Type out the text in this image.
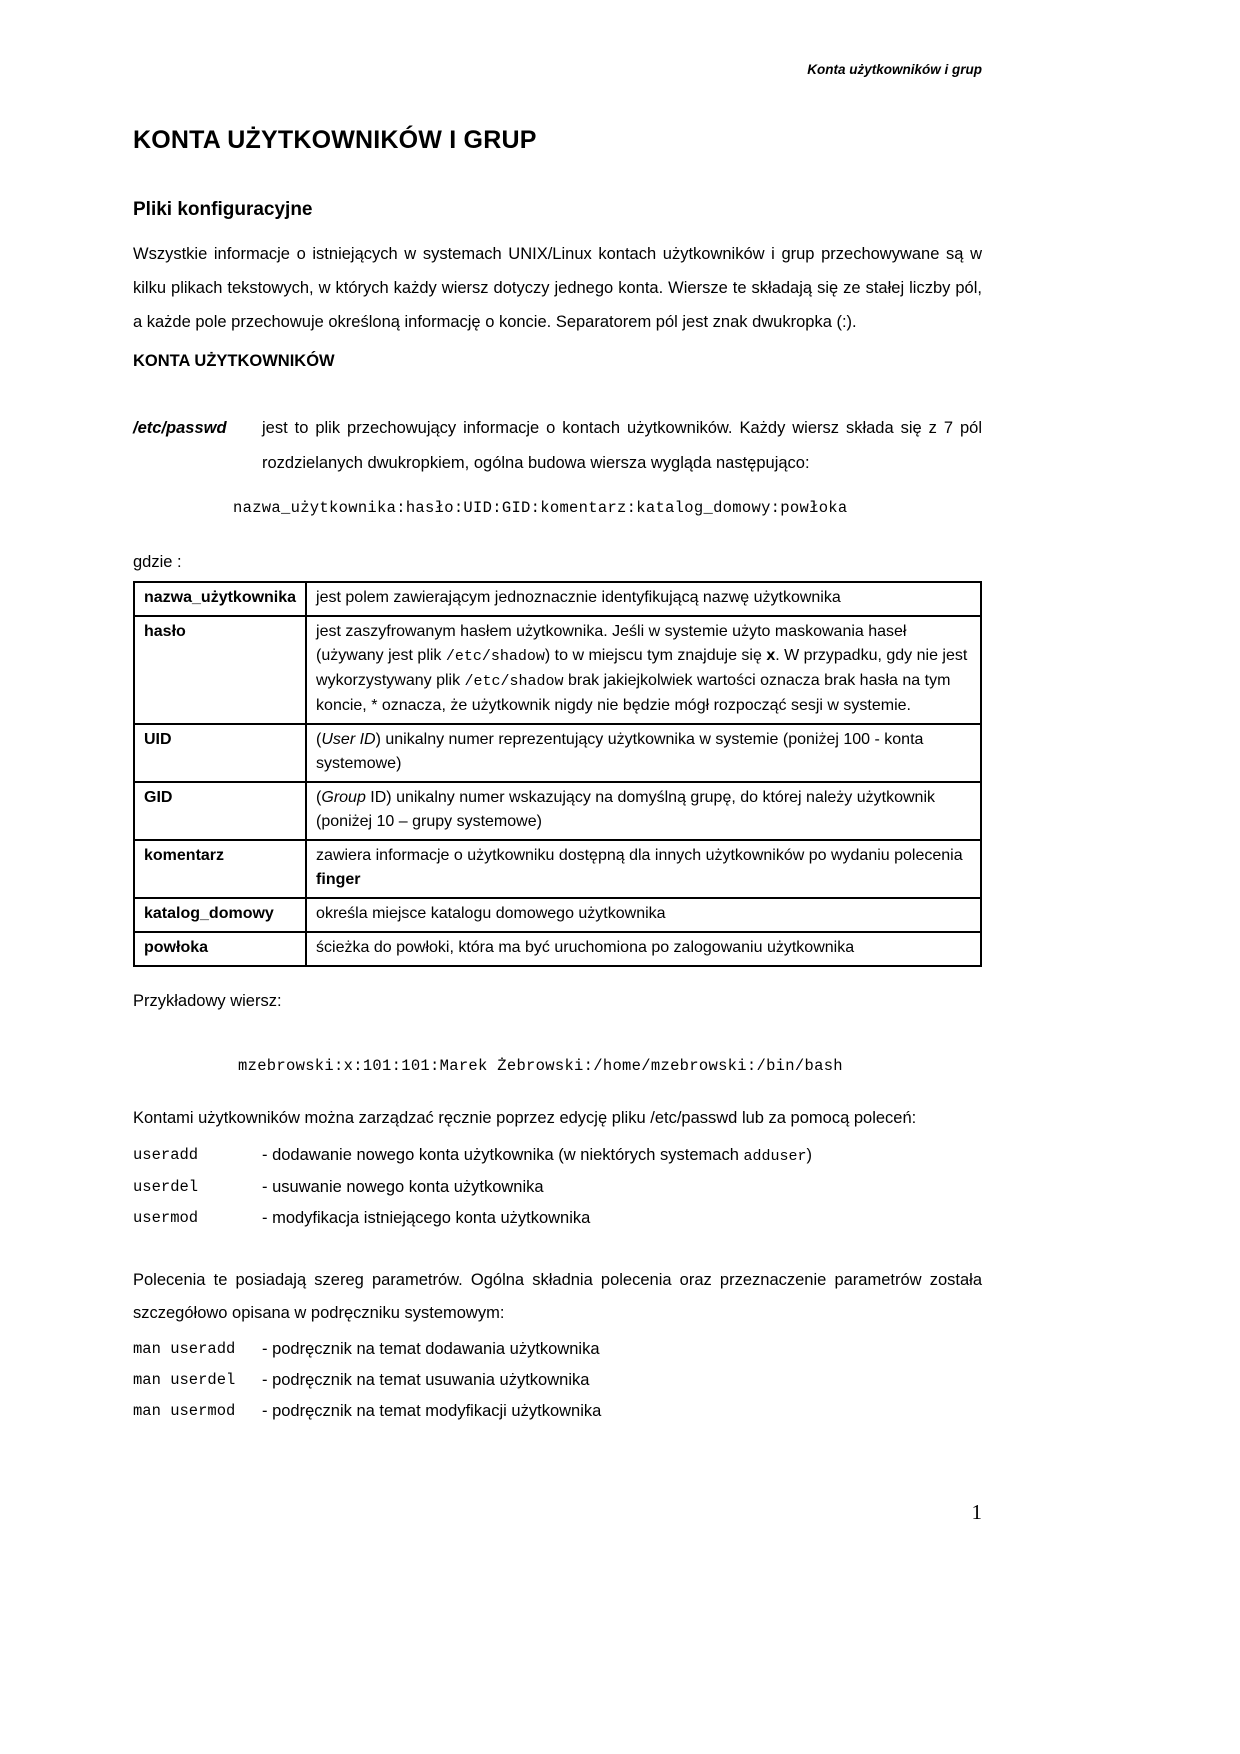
Konta użytkowników i grup
KONTA UŻYTKOWNIKÓW I GRUP
Pliki konfiguracyjne

Wszystkie informacje o istniejących w systemach UNIX/Linux kontach użytkowników i grup przechowywane są w kilku plikach tekstowych, w których każdy wiersz dotyczy jednego konta. Wiersze te składają się ze stałej liczby pól, a każde pole przechowuje określoną informację o koncie. Separatorem pól jest znak dwukropka (:).

KONTA UŻYTKOWNIKÓW
/etc/passwd	jest to plik przechowujący informacje o kontach użytkowników. Każdy wiersz składa się z 7 pól rozdzielanych dwukropkiem, ogólna budowa wiersza wygląda następująco:
nazwa_użytkownika:hasło:UID:GID:komentarz:katalog_domowy:powłoka

gdzie :

nazwa_użytkownika	jest polem zawierającym jednoznacznie identyfikującą nazwę użytkownika
hasło	jest zaszyfrowanym hasłem użytkownika. Jeśli w systemie użyto maskowania haseł (używany jest plik /etc/shadow) to w miejscu tym znajduje się x. W przypadku, gdy nie jest wykorzystywany plik /etc/shadow brak jakiejkolwiek wartości oznacza brak hasła na tym koncie, * oznacza, że użytkownik nigdy nie będzie mógł rozpocząć sesji w systemie.
UID	(User ID) unikalny numer reprezentujący użytkownika w systemie (poniżej 100 - konta systemowe)
GID	(Group ID) unikalny numer wskazujący na domyślną grupę, do której należy użytkownik (poniżej 10 – grupy systemowe)
komentarz	zawiera informacje o użytkowniku dostępną dla innych użytkowników po wydaniu polecenia finger
katalog_domowy	określa miejsce katalogu domowego użytkownika
powłoka	ścieżka do powłoki, która ma być uruchomiona po zalogowaniu użytkownika

Przykładowy wiersz:

mzebrowski:x:101:101:Marek Żebrowski:/home/mzebrowski:/bin/bash

Kontami użytkowników można zarządzać ręcznie poprzez edycję pliku /etc/passwd lub za pomocą poleceń:

useradd	- dodawanie nowego konta użytkownika (w niektórych systemach adduser)
userdel	- usuwanie nowego konta użytkownika
usermod	- modyfikacja istniejącego konta użytkownika

Polecenia te posiadają szereg parametrów. Ogólna składnia polecenia oraz przeznaczenie parametrów została szczegółowo opisana w podręczniku systemowym:

man useradd	- podręcznik na temat dodawania użytkownika
man userdel	- podręcznik na temat usuwania użytkownika
man usermod	- podręcznik na temat modyfikacji użytkownika
1
